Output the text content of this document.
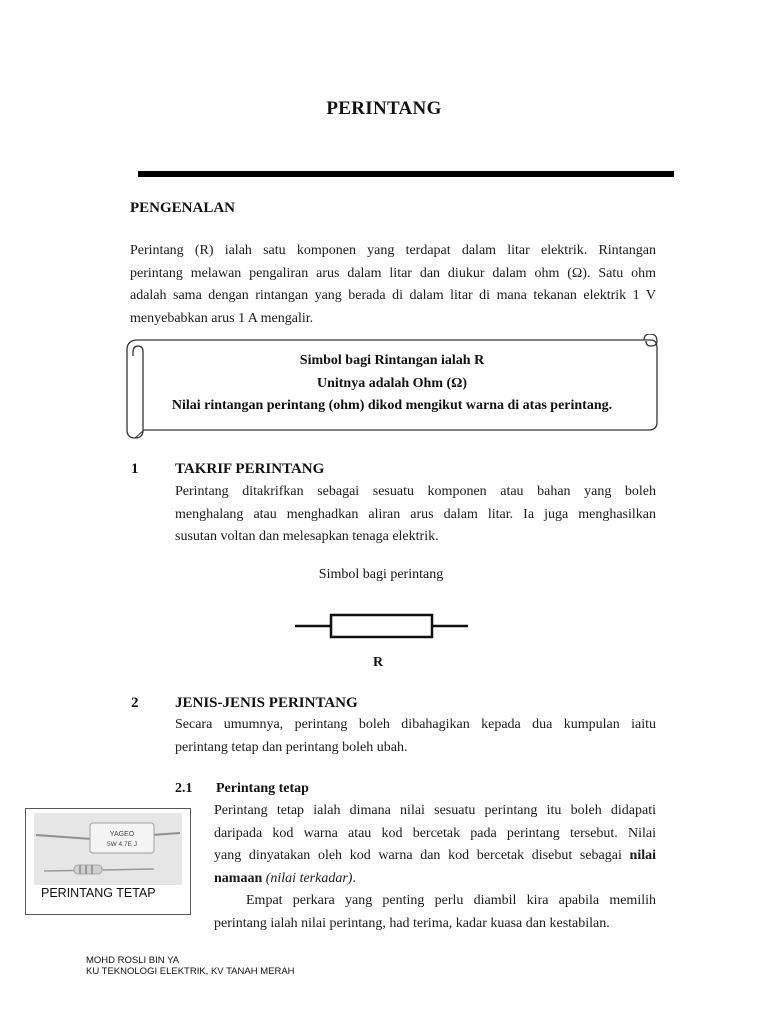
PERINTANG
PENGENALAN
Perintang (R) ialah satu komponen yang terdapat dalam litar elektrik. Rintangan
perintang melawan pengaliran arus dalam litar dan diukur dalam ohm (Ω). Satu ohm
adalah sama dengan rintangan yang berada di dalam litar di mana tekanan elektrik 1 V
menyebabkan arus 1 A mengalir.
Simbol bagi Rintangan ialah R
Unitnya adalah Ohm (Ω)
Nilai rintangan perintang (ohm) dikod mengikut warna di atas perintang.
1 TAKRIF PERINTANG
Perintang ditakrifkan sebagai sesuatu komponen atau bahan yang boleh
menghalang atau menghadkan aliran arus dalam litar. Ia juga menghasilkan
susutan voltan dan melesapkan tenaga elektrik.
Simbol bagi perintang
R
2 JENIS-JENIS PERINTANG
Secara umumnya, perintang boleh dibahagikan kepada dua kumpulan iaitu
perintang tetap dan perintang boleh ubah.
2.1 Perintang tetap
Perintang tetap ialah dimana nilai sesuatu perintang itu boleh didapati
daripada kod warna atau kod bercetak pada perintang tersebut. Nilai
yang dinyatakan oleh kod warna dan kod bercetak disebut sebagai nilai
namaan (nilai terkadar).
Empat perkara yang penting perlu diambil kira apabila memilih
perintang ialah nilai perintang, had terima, kadar kuasa dan kestabilan.
YAGEO
5W 4.7E J
PERINTANG TETAP
MOHD ROSLI BIN YA
KU TEKNOLOGI ELEKTRIK, KV TANAH MERAH
